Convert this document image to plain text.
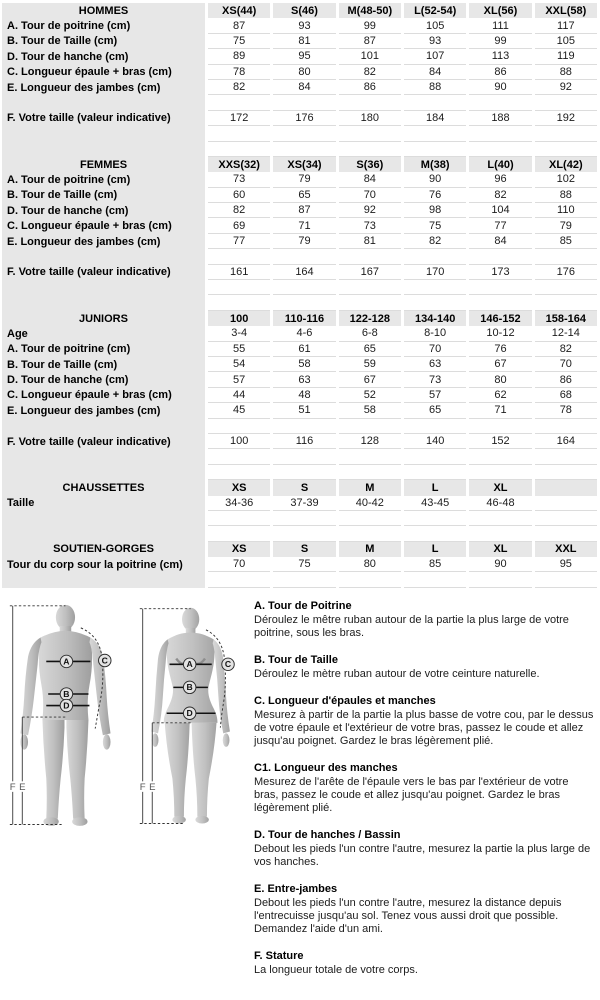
HOMMES	XS(44)	S(46)	M(48-50)	L(52-54)	XL(56)	XXL(58)
A. Tour de poitrine (cm)	87	93	99	105	111	117
B. Tour de Taille (cm)	75	81	87	93	99	105
D. Tour de hanche (cm)	89	95	101	107	113	119
C. Longueur épaule + bras (cm)	78	80	82	84	86	88
E. Longueur des jambes (cm)	82	84	86	88	90	92
F. Votre taille (valeur indicative)	172	176	180	184	188	192
FEMMES	XXS(32)	XS(34)	S(36)	M(38)	L(40)	XL(42)
A. Tour de poitrine (cm)	73	79	84	90	96	102
B. Tour de Taille (cm)	60	65	70	76	82	88
D. Tour de hanche (cm)	82	87	92	98	104	110
C. Longueur épaule + bras (cm)	69	71	73	75	77	79
E. Longueur des jambes (cm)	77	79	81	82	84	85
F. Votre taille (valeur indicative)	161	164	167	170	173	176
JUNIORS	100	110-116	122-128	134-140	146-152	158-164
Age	3-4	4-6	6-8	8-10	10-12	12-14
A. Tour de poitrine (cm)	55	61	65	70	76	82
B. Tour de Taille (cm)	54	58	59	63	67	70
D. Tour de hanche (cm)	57	63	67	73	80	86
C. Longueur épaule + bras (cm)	44	48	52	57	62	68
E. Longueur des jambes (cm)	45	51	58	65	71	78
F. Votre taille (valeur indicative)	100	116	128	140	152	164
CHAUSSETTES	XS	S	M	L	XL
Taille	34-36	37-39	40-42	43-45	46-48
SOUTIEN-GORGES	XS	S	M	L	XL	XXL
Tour du corp sour la poitrine (cm)	70	75	80	85	90	95
A
B
D
C
F E
A
B
D
C
F E
A. Tour de Poitrine
Déroulez le mêtre ruban autour de la partie la plus large de votre poitrine, sous les bras.
B. Tour de Taille
Déroulez le mètre ruban autour de votre ceinture naturelle.
C. Longueur d'épaules et manches
Mesurez à partir de la partie la plus basse de votre cou, par le dessus de votre épaule et l'extérieur de votre bras, passez le coude et allez jusqu'au poignet. Gardez le bras légèrement plié.
C1. Longueur des manches
Mesurez de l'arête de l'épaule vers le bas par l'extérieur de votre bras, passez le coude et allez jusqu'au poignet. Gardez le bras légèrement plié.
D. Tour de hanches / Bassin
Debout les pieds l'un contre l'autre, mesurez la partie la plus large de vos hanches.
E. Entre-jambes
Debout les pieds l'un contre l'autre, mesurez la distance depuis l'entrecuisse jusqu'au sol. Tenez vous aussi droit que possible. Demandez l'aide d'un ami.
F. Stature
La longueur totale de votre corps.
